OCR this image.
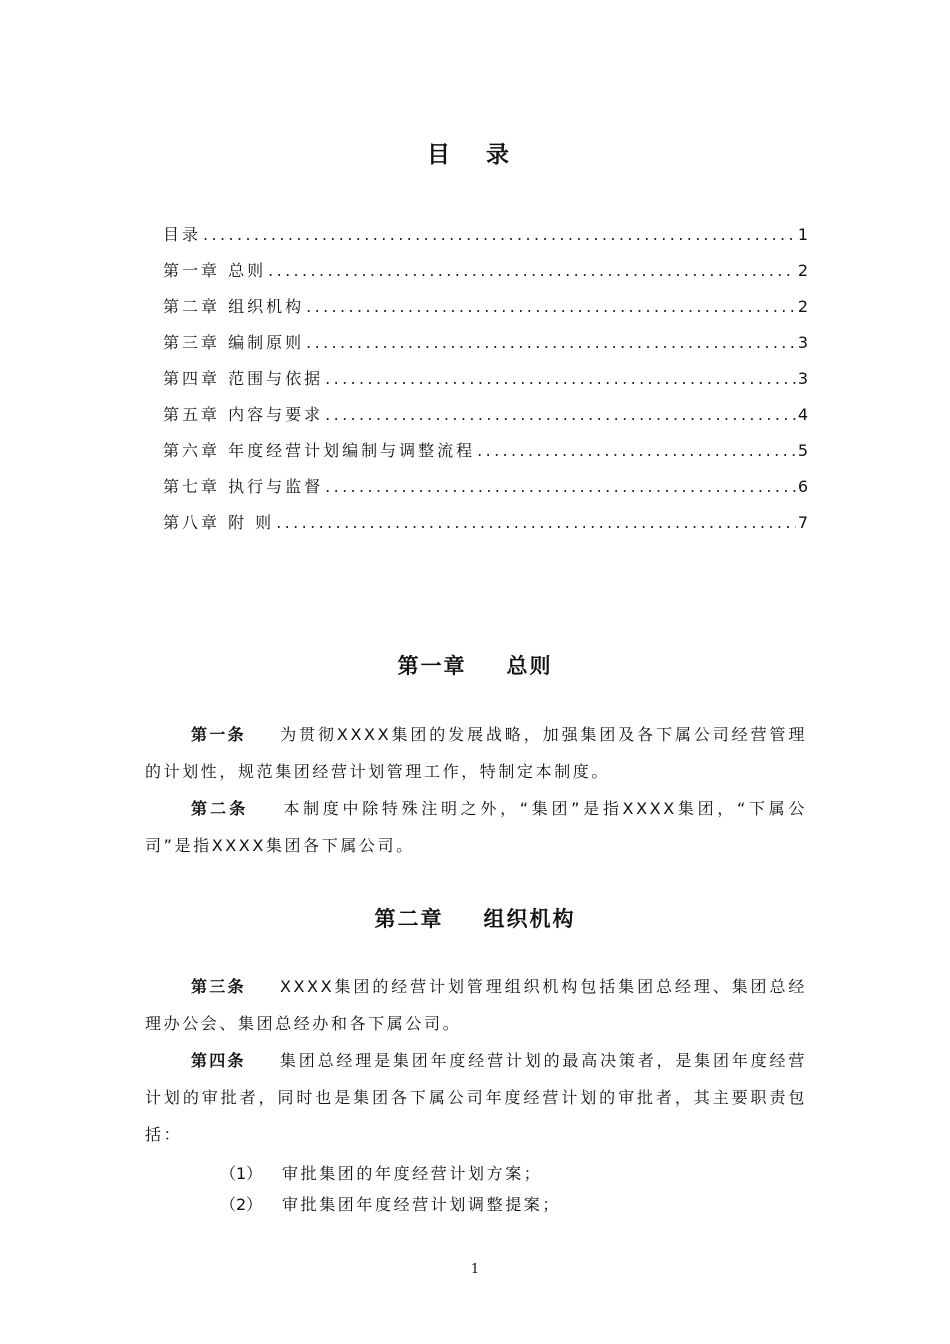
目 录
目录 .....	1
第一章 总则 .....	2
第二章 组织机构 .....	2
第三章 编制原则 .....	3
第四章 范围与依据 .....	3
第五章 内容与要求 .....	4
第六章 年度经营计划编制与调整流程 .....	5
第七章 执行与监督 .....	6
第八章 附 则 .....	7
第一章 总则
第一条 为贯彻XXXX集团的发展战略，加强集团及各下属公司经营管理的计划性，规范集团经营计划管理工作，特制定本制度。
第二条 本制度中除特殊注明之外，“集团”是指XXXX集团，“下属公司”是指XXXX集团各下属公司。
第二章 组织机构
第三条 XXXX集团的经营计划管理组织机构包括集团总经理、集团总经理办公会、集团总经办和各下属公司。
第四条 集团总经理是集团年度经营计划的最高决策者，是集团年度经营计划的审批者，同时也是集团各下属公司年度经营计划的审批者，其主要职责包括：
（1） 审批集团的年度经营计划方案；
（2） 审批集团年度经营计划调整提案；
1
